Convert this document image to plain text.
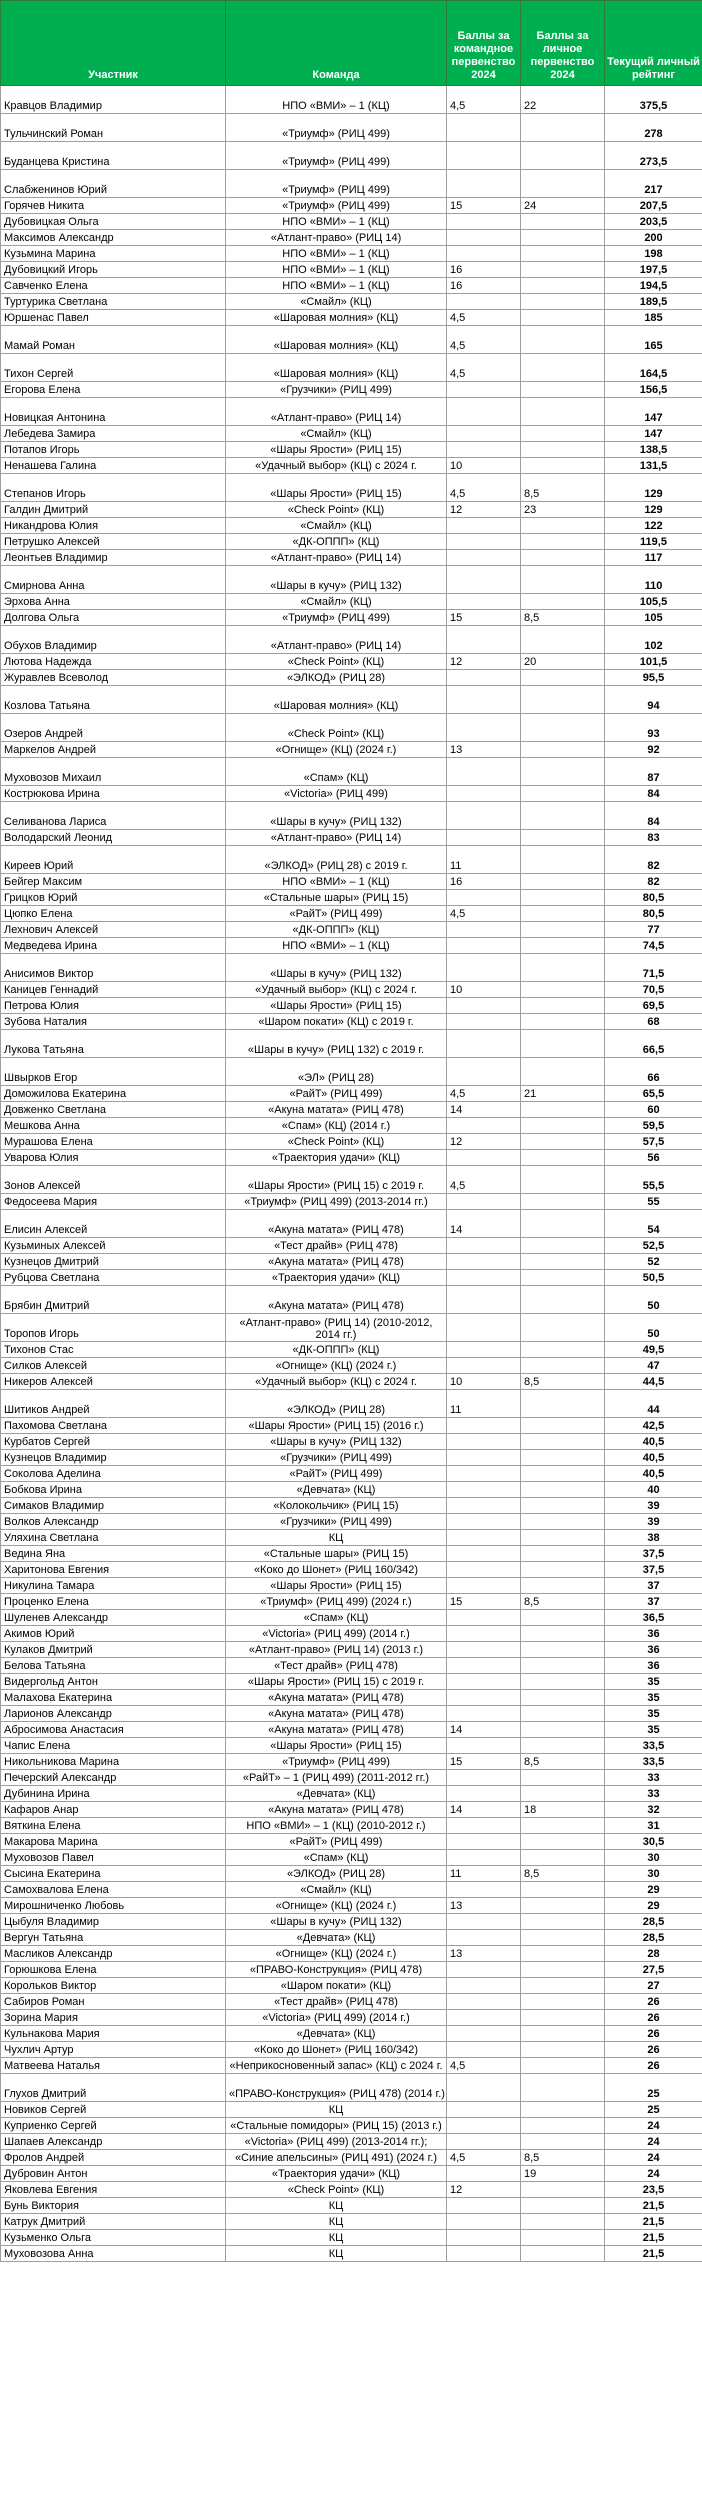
Участник	Команда	Баллы за командное первенство 2024	Баллы за личное первенство 2024	Текущий личный рейтинг
Кравцов Владимир	НПО «ВМИ» – 1 (КЦ)	4,5	22	375,5
Тульчинский Роман	«Триумф» (РИЦ 499)			278
Буданцева Кристина	«Триумф» (РИЦ 499)			273,5
Слабженинов Юрий	«Триумф» (РИЦ 499)			217
Горячев Никита	«Триумф» (РИЦ 499)	15	24	207,5
Дубовицкая Ольга	НПО «ВМИ» – 1 (КЦ)			203,5
Максимов Александр	«Атлант-право» (РИЦ 14)			200
Кузьмина Марина	НПО «ВМИ» – 1 (КЦ)			198
Дубовицкий Игорь	НПО «ВМИ» – 1 (КЦ)	16		197,5
Савченко Елена	НПО «ВМИ» – 1 (КЦ)	16		194,5
Туртурика Светлана	«Смайл» (КЦ)			189,5
Юршенас Павел	«Шаровая молния» (КЦ)	4,5		185
Мамай Роман	«Шаровая молния» (КЦ)	4,5		165
Тихон Сергей	«Шаровая молния» (КЦ)	4,5		164,5
Егорова Елена	«Грузчики» (РИЦ 499)			156,5
Новицкая Антонина	«Атлант-право» (РИЦ 14)			147
Лебедева Замира	«Смайл» (КЦ)			147
Потапов Игорь	«Шары Ярости» (РИЦ 15)			138,5
Ненашева Галина	«Удачный выбор» (КЦ) с 2024 г.	10		131,5
Степанов Игорь	«Шары Ярости» (РИЦ 15)	4,5	8,5	129
Галдин Дмитрий	«Check Point» (КЦ)	12	23	129
Никандрова Юлия	«Смайл» (КЦ)			122
Петрушко Алексей	«ДК-ОППП» (КЦ)			119,5
Леонтьев Владимир	«Атлант-право» (РИЦ 14)			117
Смирнова Анна	«Шары в кучу» (РИЦ 132)			110
Эрхова Анна	«Смайл» (КЦ)			105,5
Долгова Ольга	«Триумф» (РИЦ 499)	15	8,5	105
Обухов Владимир	«Атлант-право» (РИЦ 14)			102
Лютова Надежда	«Check Point» (КЦ)	12	20	101,5
Журавлев Всеволод	«ЭЛКОД» (РИЦ 28)			95,5
Козлова Татьяна	«Шаровая молния» (КЦ)			94
Озеров Андрей	«Check Point» (КЦ)			93
Маркелов Андрей	«Огнище» (КЦ) (2024 г.)	13		92
Муховозов Михаил	«Спам» (КЦ)			87
Кострюкова Ирина	«Victoria» (РИЦ 499)			84
Селиванова Лариса	«Шары в кучу» (РИЦ 132)			84
Володарский Леонид	«Атлант-право» (РИЦ 14)			83
Киреев Юрий	«ЭЛКОД» (РИЦ 28) с 2019 г.	11		82
Бейгер Максим	НПО «ВМИ» – 1 (КЦ)	16		82
Грицков Юрий	«Стальные шары» (РИЦ 15)			80,5
Цюпко Елена	«РайТ» (РИЦ 499)	4,5		80,5
Лехнович Алексей	«ДК-ОППП» (КЦ)			77
Медведева Ирина	НПО «ВМИ» – 1 (КЦ)			74,5
Анисимов Виктор	«Шары в кучу» (РИЦ 132)			71,5
Каницев Геннадий	«Удачный выбор» (КЦ) с 2024 г.	10		70,5
Петрова Юлия	«Шары Ярости» (РИЦ 15)			69,5
Зубова Наталия	«Шаром покати» (КЦ) с 2019 г.			68
Лукова Татьяна	«Шары в кучу» (РИЦ 132) с 2019 г.			66,5
Швырков Егор	«ЭЛ» (РИЦ 28)			66
Доможилова Екатерина	«РайТ» (РИЦ 499)	4,5	21	65,5
Довженко Светлана	«Акуна матата» (РИЦ 478)	14		60
Мешкова Анна	«Спам» (КЦ) (2014 г.)			59,5
Мурашова Елена	«Check Point» (КЦ)	12		57,5
Уварова Юлия	«Траектория удачи» (КЦ)			56
Зонов Алексей	«Шары Ярости» (РИЦ 15) с 2019 г.	4,5		55,5
Федосеева Мария	«Триумф» (РИЦ 499) (2013-2014 гг.)			55
Елисин Алексей	«Акуна матата» (РИЦ 478)	14		54
Кузьминых Алексей	«Тест драйв» (РИЦ 478)			52,5
Кузнецов Дмитрий	«Акуна матата» (РИЦ 478)			52
Рубцова Светлана	«Траектория удачи» (КЦ)			50,5
Брябин Дмитрий	«Акуна матата» (РИЦ 478)			50
Торопов Игорь	«Атлант-право» (РИЦ 14) (2010-2012, 2014 гг.)			50
Тихонов Стас	«ДК-ОППП» (КЦ)			49,5
Силков Алексей	«Огнище» (КЦ) (2024 г.)			47
Никеров Алексей	«Удачный выбор» (КЦ) с 2024 г.	10	8,5	44,5
Шитиков Андрей	«ЭЛКОД» (РИЦ 28)	11		44
Пахомова Светлана	«Шары Ярости» (РИЦ 15) (2016 г.)			42,5
Курбатов Сергей	«Шары в кучу» (РИЦ 132)			40,5
Кузнецов Владимир	«Грузчики» (РИЦ 499)			40,5
Соколова Аделина	«РайТ» (РИЦ 499)			40,5
Бобкова Ирина	«Девчата» (КЦ)			40
Симаков Владимир	«Колокольчик» (РИЦ 15)			39
Волков Александр	«Грузчики» (РИЦ 499)			39
Уляхина Светлана	КЦ			38
Ведина Яна	«Стальные шары» (РИЦ 15)			37,5
Харитонова Евгения	«Коко до Шонет» (РИЦ 160/342)			37,5
Никулина Тамара	«Шары Ярости» (РИЦ 15)			37
Проценко Елена	«Триумф» (РИЦ 499) (2024 г.)	15	8,5	37
Шуленев Александр	«Спам» (КЦ)			36,5
Акимов Юрий	«Victoria» (РИЦ 499) (2014 г.)			36
Кулаков Дмитрий	«Атлант-право» (РИЦ 14) (2013 г.)			36
Белова Татьяна	«Тест драйв» (РИЦ 478)			36
Видергольд Антон	«Шары Ярости» (РИЦ 15) с 2019 г.			35
Малахова Екатерина	«Акуна матата» (РИЦ 478)			35
Ларионов Александр	«Акуна матата» (РИЦ 478)			35
Абросимова Анастасия	«Акуна матата» (РИЦ 478)	14		35
Чапис Елена	«Шары Ярости» (РИЦ 15)			33,5
Никольникова Марина	«Триумф» (РИЦ 499)	15	8,5	33,5
Печерский Александр	«РайТ» – 1 (РИЦ 499) (2011-2012 гг.)			33
Дубинина Ирина	«Девчата» (КЦ)			33
Кафаров Анар	«Акуна матата» (РИЦ 478)	14	18	32
Вяткина Елена	НПО «ВМИ» – 1 (КЦ) (2010-2012 г.)			31
Макарова Марина	«РайТ» (РИЦ 499)			30,5
Муховозов Павел	«Спам» (КЦ)			30
Сысина Екатерина	«ЭЛКОД» (РИЦ 28)	11	8,5	30
Самохвалова Елена	«Смайл» (КЦ)			29
Мирошниченко Любовь	«Огнище» (КЦ) (2024 г.)	13		29
Цыбуля Владимир	«Шары в кучу» (РИЦ 132)			28,5
Вергун Татьяна	«Девчата» (КЦ)			28,5
Масликов Александр	«Огнище» (КЦ) (2024 г.)	13		28
Горюшкова Елена	«ПРАВО-Конструкция» (РИЦ 478)			27,5
Корольков Виктор	«Шаром покати» (КЦ)			27
Сабиров Роман	«Тест драйв» (РИЦ 478)			26
Зорина Мария	«Victoria» (РИЦ 499) (2014 г.)			26
Кульнакова Мария	«Девчата» (КЦ)			26
Чухлич Артур	«Коко до Шонет» (РИЦ 160/342)			26
Матвеева Наталья	«Неприкосновенный запас» (КЦ) с 2024 г.	4,5		26
Глухов Дмитрий	«ПРАВО-Конструкция» (РИЦ 478) (2014 г.)			25
Новиков Сергей	КЦ			25
Куприенко Сергей	«Стальные помидоры» (РИЦ 15) (2013 г.)			24
Шапаев Александр	«Victoria» (РИЦ 499) (2013-2014 гг.);			24
Фролов Андрей	«Синие апельсины» (РИЦ 491) (2024 г.)	4,5	8,5	24
Дубровин Антон	«Траектория удачи» (КЦ)		19	24
Яковлева Евгения	«Check Point» (КЦ)	12		23,5
Бунь Виктория	КЦ			21,5
Катрук Дмитрий	КЦ			21,5
Кузьменко Ольга	КЦ			21,5
Муховозова Анна	КЦ			21,5
